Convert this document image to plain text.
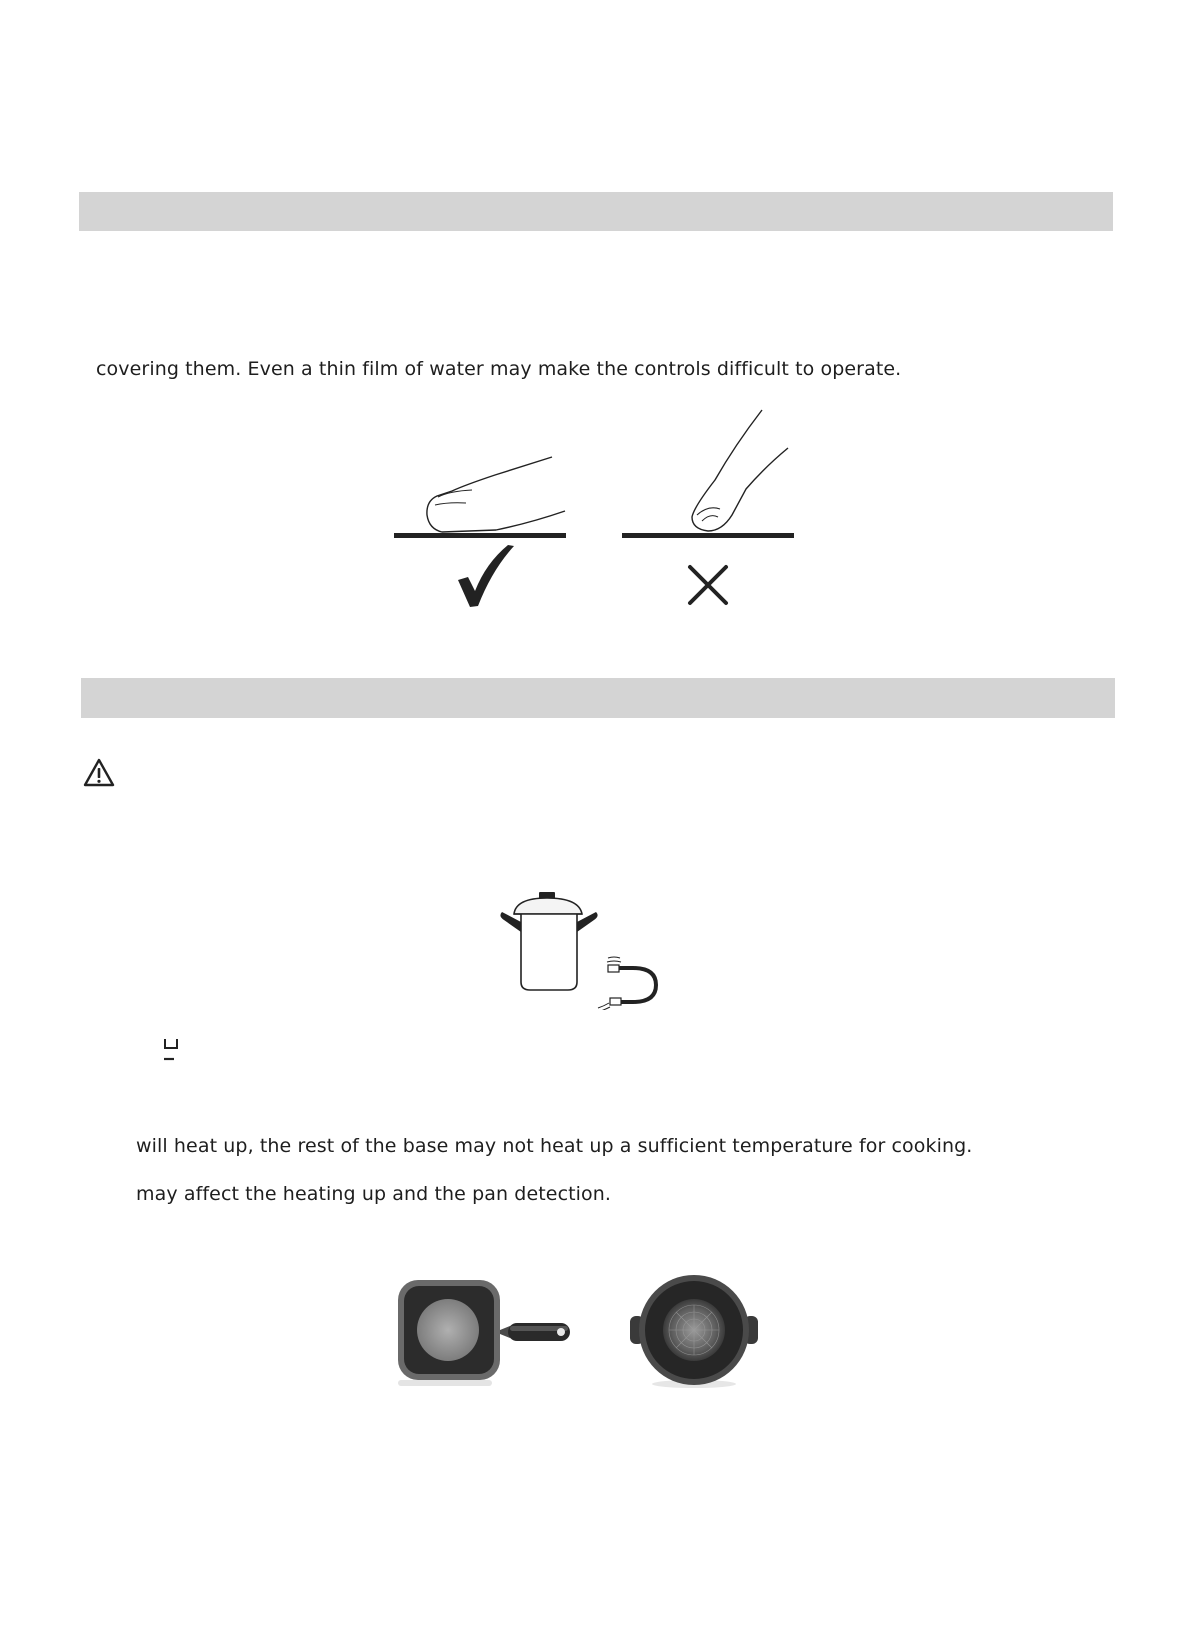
covering them. Even a thin film of water may make the controls difficult to operate.
will heat up, the rest of the base may not heat up a sufficient temperature for cooking.
may affect the heating up and the pan detection.
